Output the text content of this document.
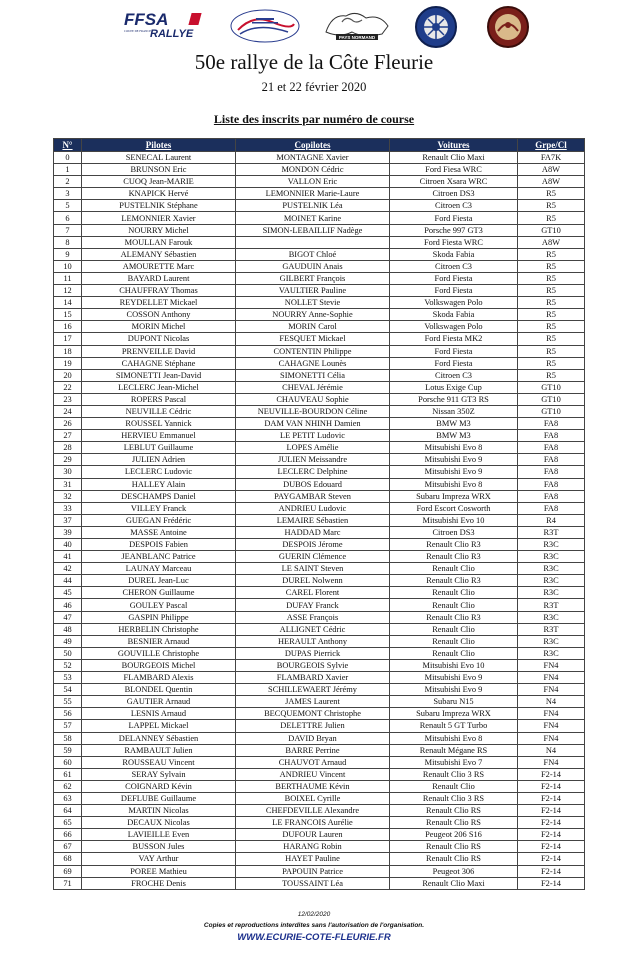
FFSA
COUPE DE FRANCE
RALLYE	PAYS NORMAND
50e rallye de la Côte Fleurie
21 et 22 février 2020
Liste des inscrits par numéro de course
N°	Pilotes	Copilotes	Voitures	Grpe/Cl
0	SENECAL Laurent	MONTAGNE Xavier	Renault Clio Maxi	FA7K
1	BRUNSON Eric	MONDON Cédric	Ford Fiesa WRC	A8W
2	CUOQ Jean-MARIE	VALLON Eric	Citroen Xsara WRC	A8W
3	KNAPICK Hervé	LEMONNIER Marie-Laure	Citroen DS3	R5
5	PUSTELNIK Stéphane	PUSTELNIK Léa	Citroen C3	R5
6	LEMONNIER Xavier	MOINET Karine	Ford Fiesta	R5
7	NOURRY Michel	SIMON-LEBAILLIF Nadège	Porsche 997 GT3	GT10
8	MOULLAN Farouk		Ford Fiesta WRC	A8W
9	ALEMANY Sébastien	BIGOT Chloé	Skoda Fabia	R5
10	AMOURETTE Marc	GAUDUIN Anais	Citroen C3	R5
11	BAYARD Laurent	GILBERT François	Ford Fiesta	R5
12	CHAUFFRAY Thomas	VAULTIER Pauline	Ford Fiesta	R5
14	REYDELLET Mickael	NOLLET Stevie	Volkswagen Polo	R5
15	COSSON Anthony	NOURRY Anne-Sophie	Skoda Fabia	R5
16	MORIN Michel	MORIN Carol	Volkswagen Polo	R5
17	DUPONT Nicolas	FESQUET Mickael	Ford Fiesta MK2	R5
18	PRENVEILLE David	CONTENTIN Philippe	Ford Fiesta	R5
19	CAHAGNE Stéphane	CAHAGNE Lounès	Ford Fiesta	R5
20	SIMONETTI Jean-David	SIMONETTI Célia	Citroen C3	R5
22	LECLERC Jean-Michel	CHEVAL Jérémie	Lotus Exige Cup	GT10
23	ROPERS Pascal	CHAUVEAU Sophie	Porsche 911 GT3 RS	GT10
24	NEUVILLE Cédric	NEUVILLE-BOURDON Céline	Nissan 350Z	GT10
26	ROUSSEL Yannick	DAM VAN NHINH Damien	BMW M3	FA8
27	HERVIEU Emmanuel	LE PETIT Ludovic	BMW M3	FA8
28	LEBLUT Guillaume	LOPES Amélie	Mitsubishi Evo 8	FA8
29	JULIEN Adrien	JULIEN Meissandre	Mitsubishi Evo 9	FA8
30	LECLERC Ludovic	LECLERC Delphine	Mitsubishi Evo 9	FA8
31	HALLEY Alain	DUBOS Edouard	Mitsubishi Evo 8	FA8
32	DESCHAMPS Daniel	PAYGAMBAR Steven	Subaru Impreza WRX	FA8
33	VILLEY Franck	ANDRIEU Ludovic	Ford Escort Cosworth	FA8
37	GUEGAN Frédéric	LEMAIRE Sébastien	Mitsubishi Evo 10	R4
39	MASSE Antoine	HADDAD Marc	Citroen DS3	R3T
40	DESPOIS Fabien	DESPOIS Jérome	Renault Clio R3	R3C
41	JEANBLANC Patrice	GUERIN Clémence	Renault Clio R3	R3C
42	LAUNAY Marceau	LE SAINT Steven	Renault Clio	R3C
44	DUREL Jean-Luc	DUREL Nolwenn	Renault Clio R3	R3C
45	CHERON Guillaume	CAREL Florent	Renault Clio	R3C
46	GOULEY Pascal	DUFAY Franck	Renault Clio	R3T
47	GASPIN Philippe	ASSE François	Renault Clio R3	R3C
48	HERBELIN Christophe	ALLIGNET Cédric	Renault Clio	R3T
49	BESNIER Arnaud	HERAULT Anthony	Renault Clio	R3C
50	GOUVILLE Christophe	DUPAS Pierrick	Renault Clio	R3C
52	BOURGEOIS Michel	BOURGEOIS Sylvie	Mitsubishi Evo 10	FN4
53	FLAMBARD Alexis	FLAMBARD Xavier	Mitsubishi Evo 9	FN4
54	BLONDEL Quentin	SCHILLEWAERT Jérémy	Mitsubishi Evo 9	FN4
55	GAUTIER Arnaud	JAMES Laurent	Subaru N15	N4
56	LESNIS Arnaud	BECQUEMONT Christophe	Subaru Impreza WRX	FN4
57	LAPPEL Mickael	DELETTRE Julien	Renault 5 GT Turbo	FN4
58	DELANNEY Sébastien	DAVID Bryan	Mitsubishi Evo 8	FN4
59	RAMBAULT Julien	BARRE Perrine	Renault Mégane RS	N4
60	ROUSSEAU Vincent	CHAUVOT Arnaud	Mitsubishi Evo 7	FN4
61	SERAY Sylvain	ANDRIEU Vincent	Renault Clio 3 RS	F2-14
62	COIGNARD Kévin	BERTHAUME Kévin	Renault Clio	F2-14
63	DEFLUBE Guillaume	BOIXEL Cyrille	Renault Clio 3 RS	F2-14
64	MARTIN Nicolas	CHEFDEVILLE Alexandre	Renault Clio RS	F2-14
65	DECAUX Nicolas	LE FRANCOIS Aurélie	Renault Clio RS	F2-14
66	LAVIEILLE Even	DUFOUR Lauren	Peugeot 206 S16	F2-14
67	BUSSON Jules	HARANG Robin	Renault Clio RS	F2-14
68	VAY Arthur	HAYET Pauline	Renault Clio RS	F2-14
69	POREE Mathieu	PAPOUIN Patrice	Peugeot 306	F2-14
71	FROCHE Denis	TOUSSAINT Léa	Renault Clio Maxi	F2-14
12/02/2020
Copies et reproductions interdites sans l'autorisation de l'organisation.
WWW.ECURIE-COTE-FLEURIE.FR
